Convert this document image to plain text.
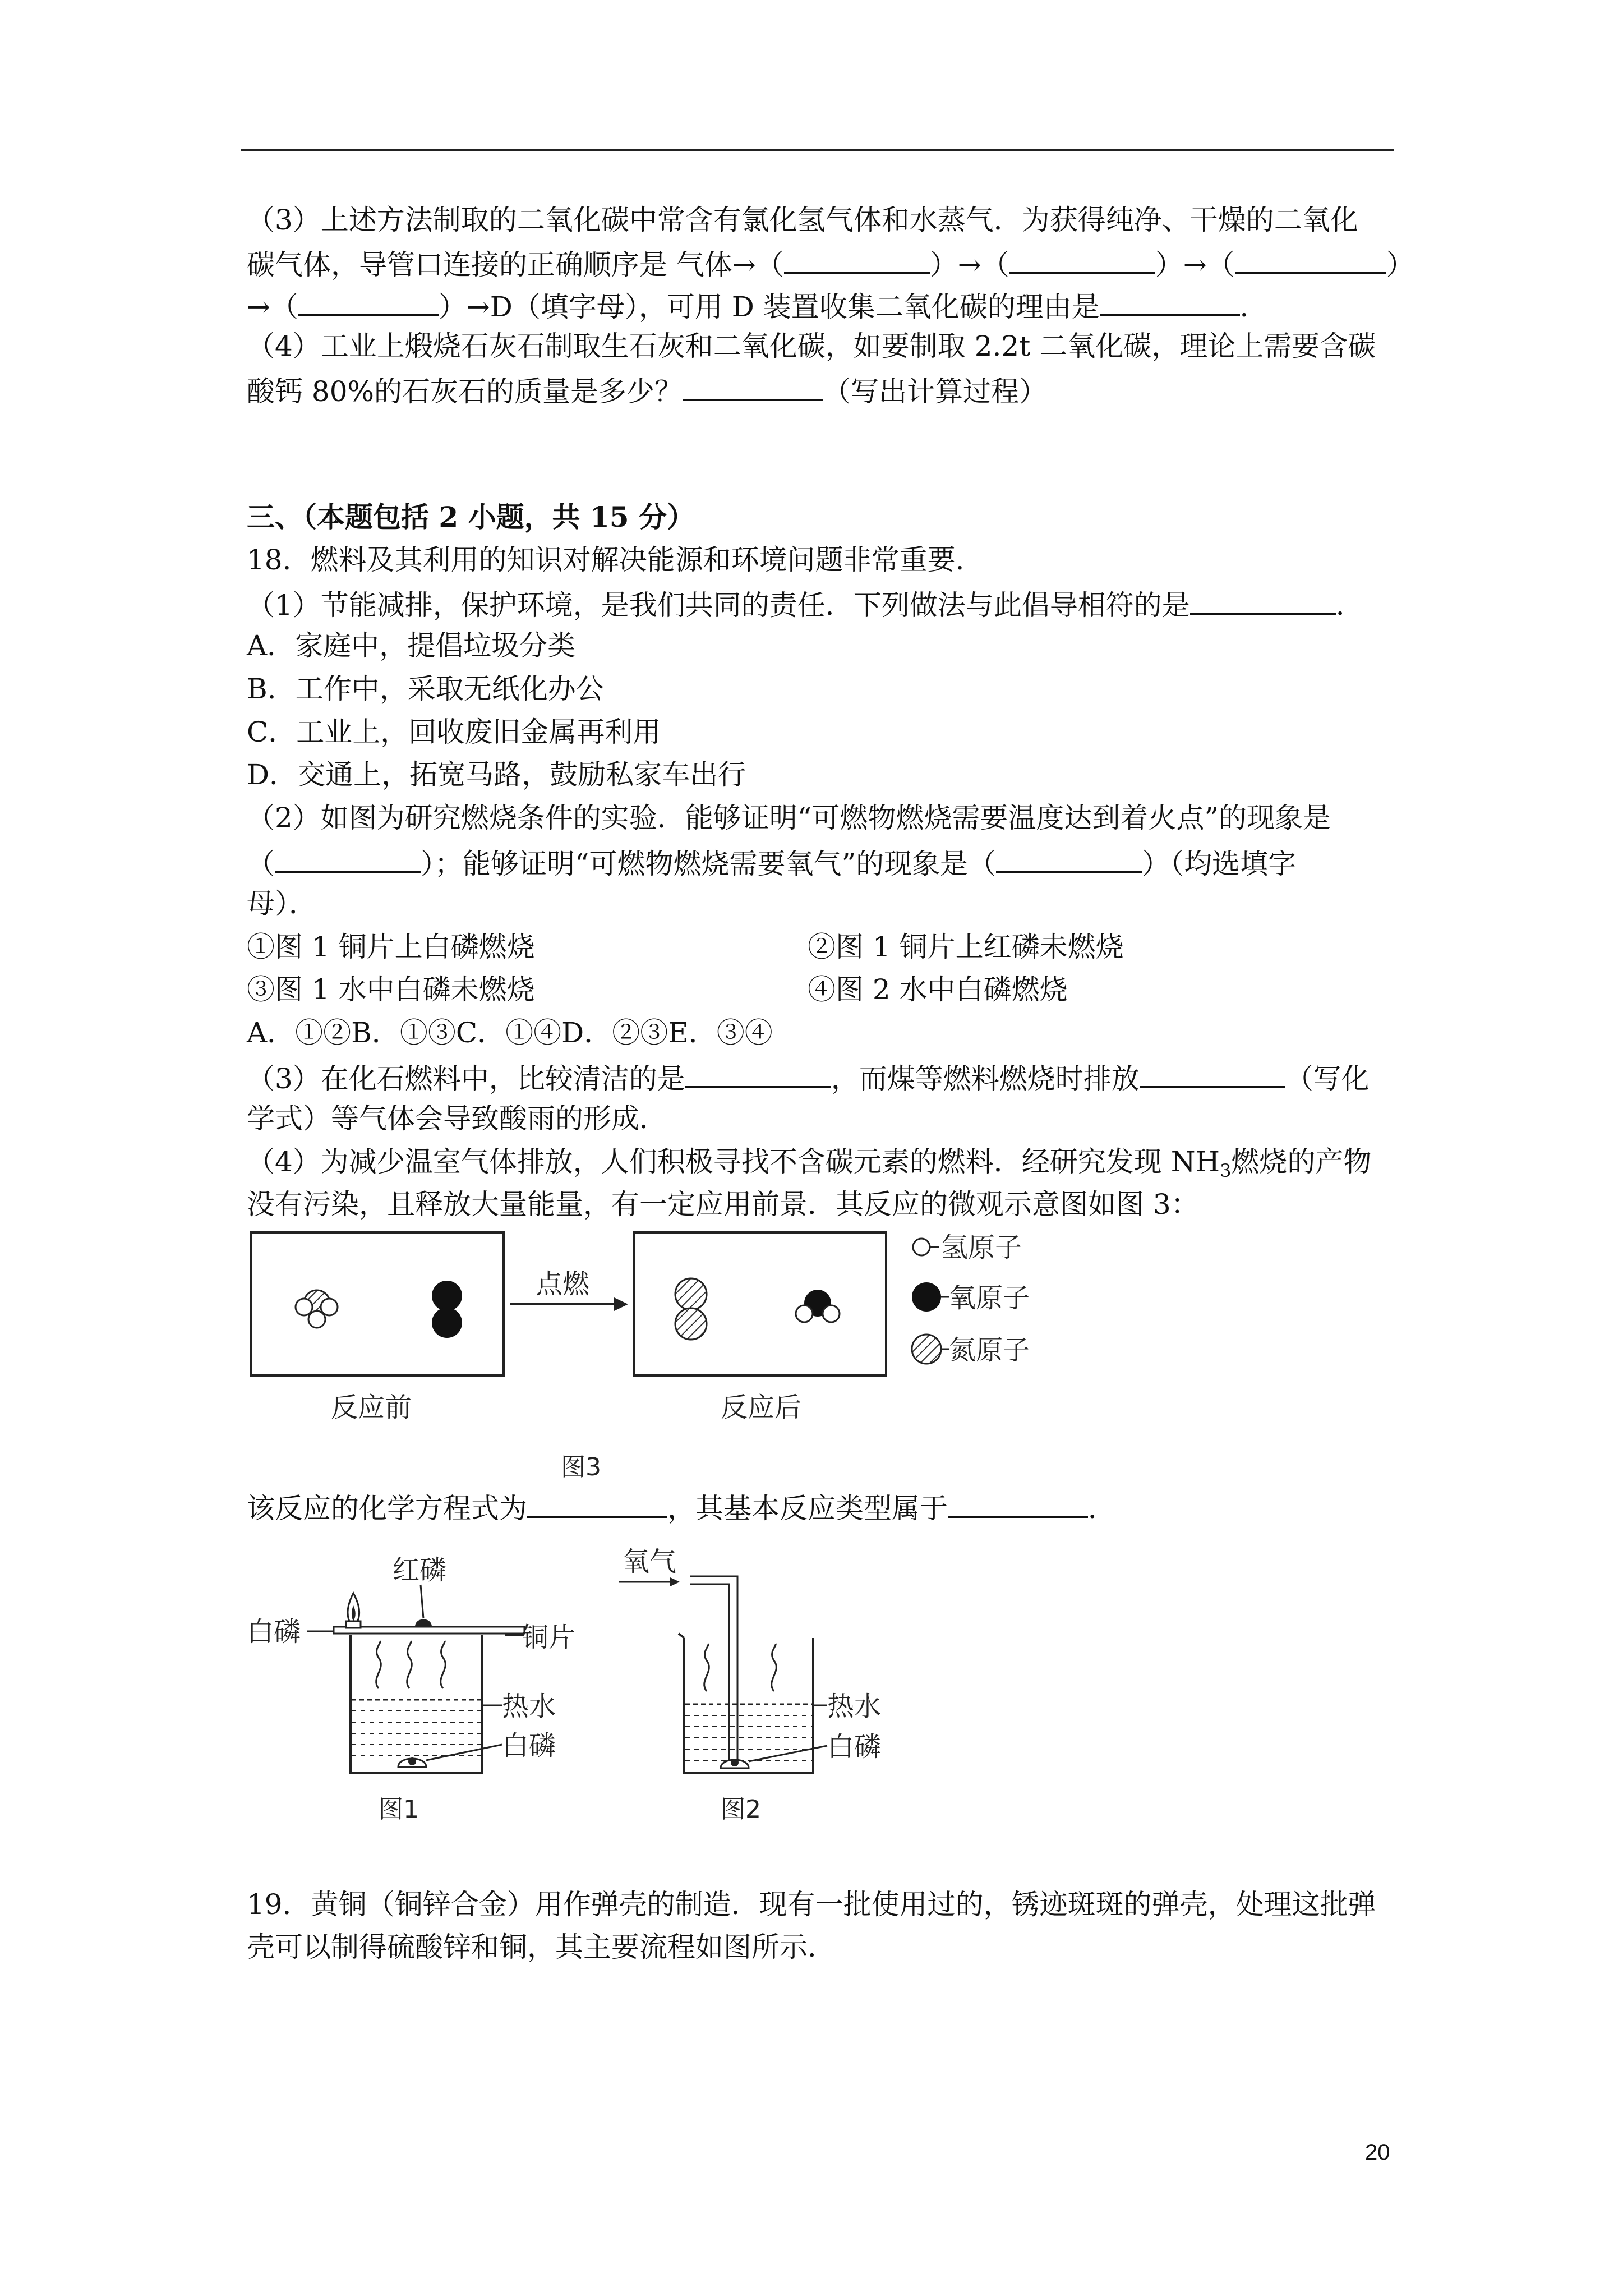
（3）上述方法制取的二氧化碳中常含有氯化氢气体和水蒸气．为获得纯净、干燥的二氧化
碳气体，导管口连接的正确顺序是 气体→（	）→（	）→（	）
→（	）→D（填字母），可用 D 装置收集二氧化碳的理由是	．
（4）工业上煅烧石灰石制取生石灰和二氧化碳，如要制取 2.2t 二氧化碳，理论上需要含碳
酸钙 80%的石灰石的质量是多少？	（写出计算过程）
三、（本题包括 2 小题，共 15 分）
18．燃料及其利用的知识对解决能源和环境问题非常重要．
（1）节能减排，保护环境，是我们共同的责任．下列做法与此倡导相符的是	．
A．家庭中，提倡垃圾分类
B．工作中，采取无纸化办公
C．工业上，回收废旧金属再利用
D．交通上，拓宽马路，鼓励私家车出行
（2）如图为研究燃烧条件的实验．能够证明“可燃物燃烧需要温度达到着火点”的现象是
（	）；能够证明“可燃物燃烧需要氧气”的现象是（	）（均选填字
母）．
①图 1 铜片上白磷燃烧	②图 1 铜片上红磷未燃烧
③图 1 水中白磷未燃烧	④图 2 水中白磷燃烧
A．①②B．①③C．①④D．②③E．③④
（3）在化石燃料中，比较清洁的是	，而煤等燃料燃烧时排放	（写化
学式）等气体会导致酸雨的形成．
（4）为减少温室气体排放，人们积极寻找不含碳元素的燃料．经研究发现 $NH_3$燃烧的产物
没有污染，且释放大量能量，有一定应用前景．其反应的微观示意图如图 3：
点燃
反应前	反应后
图3
氢原子
氧原子
氮原子
该反应的化学方程式为	，其基本反应类型属于	．
红磷
白磷	铜片
热水
白磷
图1
氧气
热水
白磷
图2
19．黄铜（铜锌合金）用作弹壳的制造．现有一批使用过的，锈迹斑斑的弹壳，处理这批弹
壳可以制得硫酸锌和铜，其主要流程如图所示．
20
